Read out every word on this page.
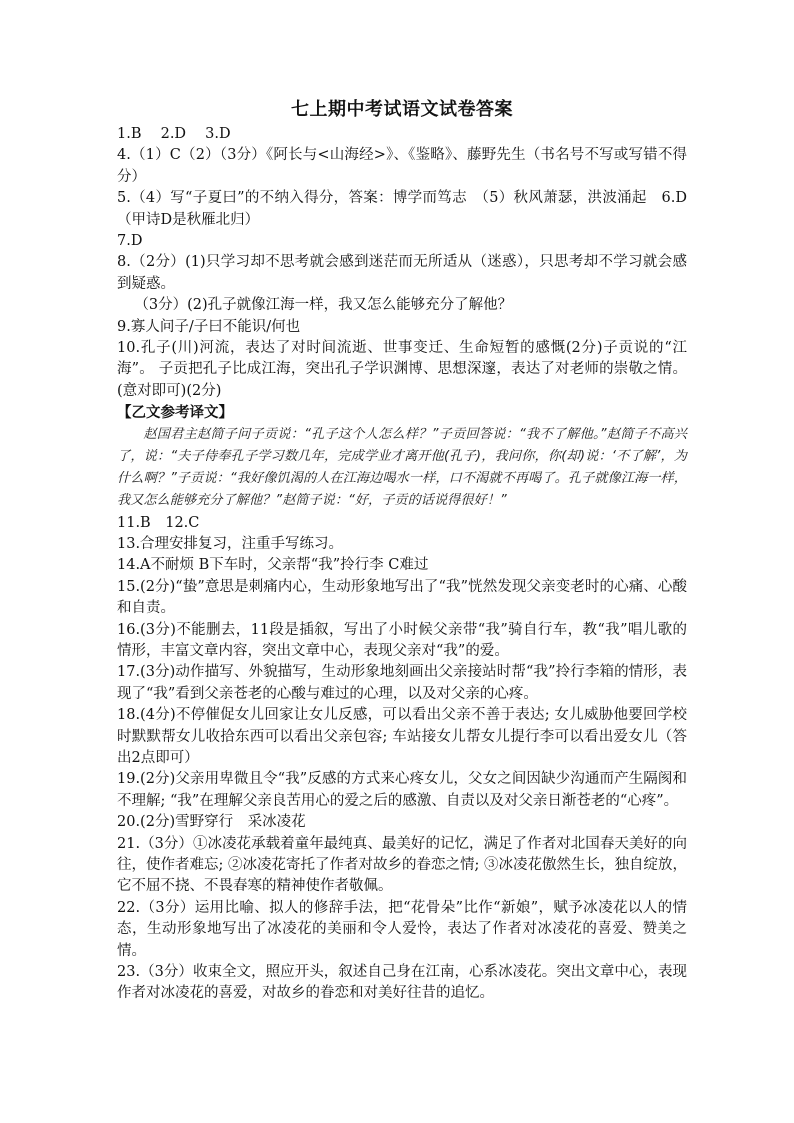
七上期中考试语文试卷答案

1.B　 2.D　 3.D

4.（1）C（2）（3分）《阿长与<山海经>》、《鉴略》、藤野先生（书名号不写或写错不得分）

5.（4）写“子夏曰”的不纳入得分，答案：博学而笃志　（5）秋风萧瑟，洪波涌起　6.D（甲诗D是秋雁北归）

7.D

8.（2分）(1)只学习却不思考就会感到迷茫而无所适从（迷惑），只思考却不学习就会感到疑惑。

（3分）(2)孔子就像江海一样，我又怎么能够充分了解他？

9.寡人问子/子曰不能识/何也

10.孔子(川)河流，表达了对时间流逝、世事变迁、生命短暂的感慨(2分)子贡说的“江海”。 子贡把孔子比成江海，突出孔子学识渊博、思想深邃，表达了对老师的崇敬之情。(意对即可)(2分)

【乙文参考译文】

赵国君主赵简子问子贡说：“孔子这个人怎么样？”子贡回答说：“我不了解他。”赵简子不高兴了，说：“夫子侍奉孔子学习数几年，完成学业才离开他(孔子)，我问你，你(却)说：‘不了解’，为什么啊？”子贡说：“我好像饥渴的人在江海边喝水一样，口不渴就不再喝了。孔子就像江海一样，我又怎么能够充分了解他？”赵简子说：“好，子贡的话说得很好！”

11.B　12.C

13.合理安排复习，注重手写练习。

14.A不耐烦 B下车时，父亲帮“我”拎行李 C难过

15.(2分)“蛰”意思是刺痛内心，生动形象地写出了“我”恍然发现父亲变老时的心痛、心酸和自责。

16.(3分)不能删去，11段是插叙，写出了小时候父亲带“我”骑自行车，教“我”唱儿歌的情形，丰富文章内容，突出文章中心，表现父亲对“我”的爱。

17.(3分)动作描写、外貌描写，生动形象地刻画出父亲接站时帮“我”拎行李箱的情形，表现了“我”看到父亲苍老的心酸与难过的心理，以及对父亲的心疼。

18.(4分)不停催促女儿回家让女儿反感，可以看出父亲不善于表达; 女儿威胁他要回学校时默默帮女儿收拾东西可以看出父亲包容; 车站接女儿帮女儿提行李可以看出爱女儿（答出2点即可）

19.(2分)父亲用卑微且令“我”反感的方式来心疼女儿，父女之间因缺少沟通而产生隔阂和不理解; “我”在理解父亲良苦用心的爱之后的感激、自责以及对父亲日渐苍老的“心疼”。

20.(2分)雪野穿行　采冰凌花

21.（3分）①冰凌花承载着童年最纯真、最美好的记忆，满足了作者对北国春天美好的向往，使作者难忘; ②冰凌花寄托了作者对故乡的眷恋之情; ③冰凌花傲然生长，独自绽放，它不屈不挠、不畏春寒的精神使作者敬佩。

22.（3分）运用比喻、拟人的修辞手法，把“花骨朵”比作“新娘”，赋予冰凌花以人的情态，生动形象地写出了冰凌花的美丽和令人爱怜，表达了作者对冰凌花的喜爱、赞美之情。

23.（3分）收束全文，照应开头，叙述自己身在江南，心系冰凌花。突出文章中心，表现作者对冰凌花的喜爱，对故乡的眷恋和对美好往昔的追忆。
